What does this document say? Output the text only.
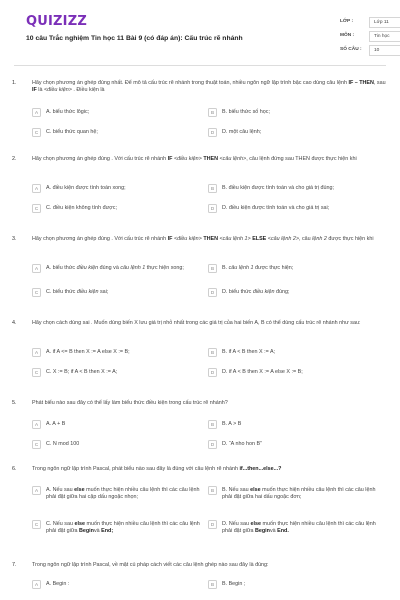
QUIZIZZ
10 câu Trắc nghiệm Tin học 11 Bài 9 (có đáp án): Cấu trúc rẽ nhánh
LỚP :	Lớp 11
MÔN :	Tin học
SỐ CÂU :	10
1.	Hãy chọn phương án ghép đúng nhất. Để mô tả cấu trúc rẽ nhánh trong thuật toán, nhiều ngôn ngữ lập trình bậc cao dùng câu lệnh IF – THEN, sau IF là <điều kiện> . Điều kiện là
A	A. biểu thức lôgic;	B	B. biểu thức số học;
C	C. biểu thức quan hệ;	D	D. một câu lệnh;
2.	Hãy chọn phương án ghép đúng . Với cấu trúc rẽ nhánh IF <điều kiện> THEN <câu lệnh>, câu lệnh đứng sau THEN được thực hiện khi
A	A. điều kiện được tính toán xong;	B	B. điều kiện được tính toán và cho giá trị đúng;
C	C. điều kiện không tính được;	D	D. điều kiện được tính toán và cho giá trị sai;
3.	Hãy chọn phương án ghép đúng . Với cấu trúc rẽ nhánh IF <điều kiện> THEN <câu lệnh 1> ELSE <câu lệnh 2>, câu lệnh 2 được thực hiện khi
A	A. biểu thức điều kiện đúng và câu lệnh 1 thực hiện xong;	B	B. câu lệnh 1 được thực hiện;
C	C. biểu thức điều kiện sai;	D	D. biểu thức điều kiện đúng;
4.	Hãy chọn cách dùng sai . Muốn dùng biến X lưu giá trị nhỏ nhất trong các giá trị của hai biến A, B có thể dùng cấu trúc rẽ nhánh như sau:
A	A. if A <= B then X := A else X := B;	B	B. if A < B then X := A;
C	C. X := B; if A < B then X := A;	D	D. if A < B then X := A else X := B;
5.	Phát biểu nào sau đây có thể lấy làm biểu thức điều kiện trong cấu trúc rẽ nhánh?
A	A. A + B	B	B. A > B
C	C. N mod 100	D	D. “A nho hon B”
6.	Trong ngôn ngữ lập trình Pascal, phát biểu nào sau đây là đúng với câu lệnh rẽ nhánh if...then...else...?
A	A. Nếu sau else muốn thực hiện nhiều câu lệnh thì các câu lệnh phải đặt giữa hai cặp dấu ngoặc nhọn;
B	B. Nếu sau else muốn thực hiện nhiều câu lệnh thì các câu lệnh phải đặt giữa hai dấu ngoặc đơn;
C	C. Nếu sau else muốn thực hiện nhiều câu lệnh thì các câu lệnh phải đặt giữa Beginvà End;
D	D. Nếu sau else muốn thực hiện nhiều câu lệnh thì các câu lệnh phải đặt giữa Beginvà End.
7.	Trong ngôn ngữ lập trình Pascal, về mặt cú pháp cách viết các câu lệnh ghép nào sau đây là đúng:
A	A. Begin :	B	B. Begin ;
